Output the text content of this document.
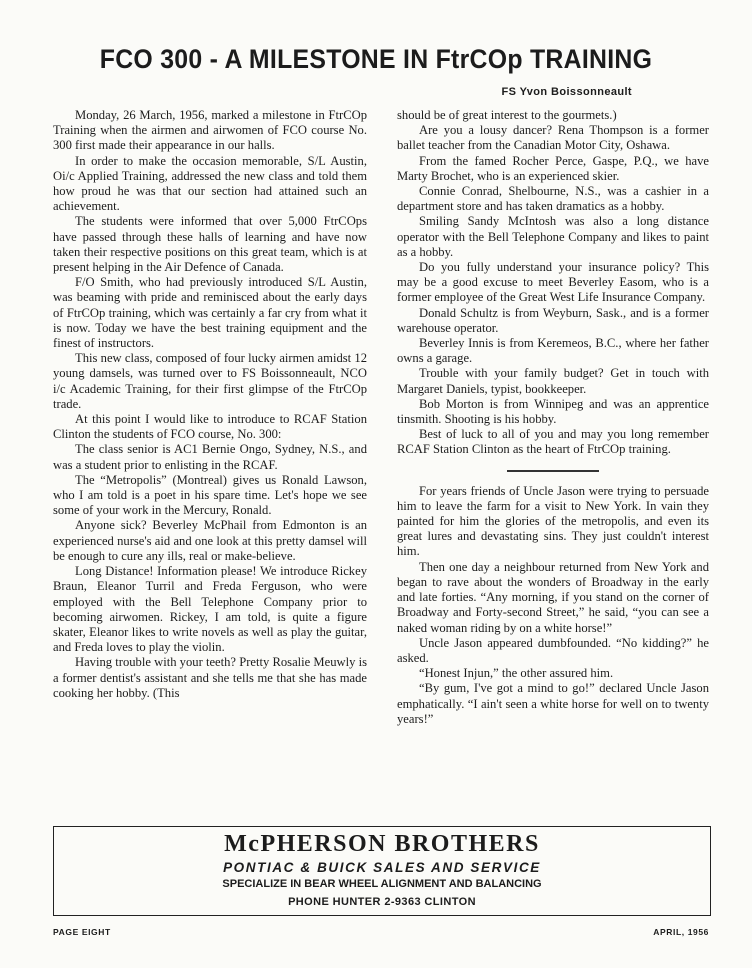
FCO 300 - A MILESTONE IN FtrCOp TRAINING
FS Yvon Boissonneault

Monday, 26 March, 1956, marked a milestone in FtrCOp Training when the airmen and airwomen of FCO course No. 300 first made their appearance in our halls.

In order to make the occasion memorable, S/L Austin, Oi/c Applied Training, addressed the new class and told them how proud he was that our section had attained such an achievement.

The students were informed that over 5,000 FtrCOps have passed through these halls of learning and have now taken their respective positions on this great team, which is at present helping in the Air Defence of Canada.

F/O Smith, who had previously introduced S/L Austin, was beaming with pride and reminisced about the early days of FtrCOp training, which was certainly a far cry from what it is now. Today we have the best training equipment and the finest of instructors.

This new class, composed of four lucky airmen amidst 12 young damsels, was turned over to FS Boissonneault, NCO i/c Academic Training, for their first glimpse of the FtrCOp trade.

At this point I would like to introduce to RCAF Station Clinton the students of FCO course, No. 300:

The class senior is AC1 Bernie Ongo, Sydney, N.S., and was a student prior to enlisting in the RCAF.

The “Metropolis” (Montreal) gives us Ronald Lawson, who I am told is a poet in his spare time. Let's hope we see some of your work in the Mercury, Ronald.

Anyone sick? Beverley McPhail from Edmonton is an experienced nurse's aid and one look at this pretty damsel will be enough to cure any ills, real or make-believe.

Long Distance! Information please! We introduce Rickey Braun, Eleanor Turril and Freda Ferguson, who were employed with the Bell Telephone Company prior to becoming airwomen. Rickey, I am told, is quite a figure skater, Eleanor likes to write novels as well as play the guitar, and Freda loves to play the violin.

Having trouble with your teeth? Pretty Rosalie Meuwly is a former dentist's assistant and she tells me that she has made cooking her hobby. (This

should be of great interest to the gourmets.)

Are you a lousy dancer? Rena Thompson is a former ballet teacher from the Canadian Motor City, Oshawa.

From the famed Rocher Perce, Gaspe, P.Q., we have Marty Brochet, who is an experienced skier.

Connie Conrad, Shelbourne, N.S., was a cashier in a department store and has taken dramatics as a hobby.

Smiling Sandy McIntosh was also a long distance operator with the Bell Telephone Company and likes to paint as a hobby.

Do you fully understand your insurance policy? This may be a good excuse to meet Beverley Easom, who is a former employee of the Great West Life Insurance Company.

Donald Schultz is from Weyburn, Sask., and is a former warehouse operator.

Beverley Innis is from Keremeos, B.C., where her father owns a garage.

Trouble with your family budget? Get in touch with Margaret Daniels, typist, bookkeeper.

Bob Morton is from Winnipeg and was an apprentice tinsmith. Shooting is his hobby.

Best of luck to all of you and may you long remember RCAF Station Clinton as the heart of FtrCOp training.

For years friends of Uncle Jason were trying to persuade him to leave the farm for a visit to New York. In vain they painted for him the glories of the metropolis, and even its great lures and devastating sins. They just couldn't interest him.

Then one day a neighbour returned from New York and began to rave about the wonders of Broadway in the early and late forties. “Any morning, if you stand on the corner of Broadway and Forty-second Street,” he said, “you can see a naked woman riding by on a white horse!”

Uncle Jason appeared dumbfounded. “No kidding?” he asked.

“Honest Injun,” the other assured him.

“By gum, I've got a mind to go!” declared Uncle Jason emphatically. “I ain't seen a white horse for well on to twenty years!”

McPHERSON BROTHERS
PONTIAC & BUICK SALES AND SERVICE
SPECIALIZE IN BEAR WHEEL ALIGNMENT AND BALANCING
PHONE HUNTER 2-9363 CLINTON
PAGE EIGHT	APRIL, 1956
